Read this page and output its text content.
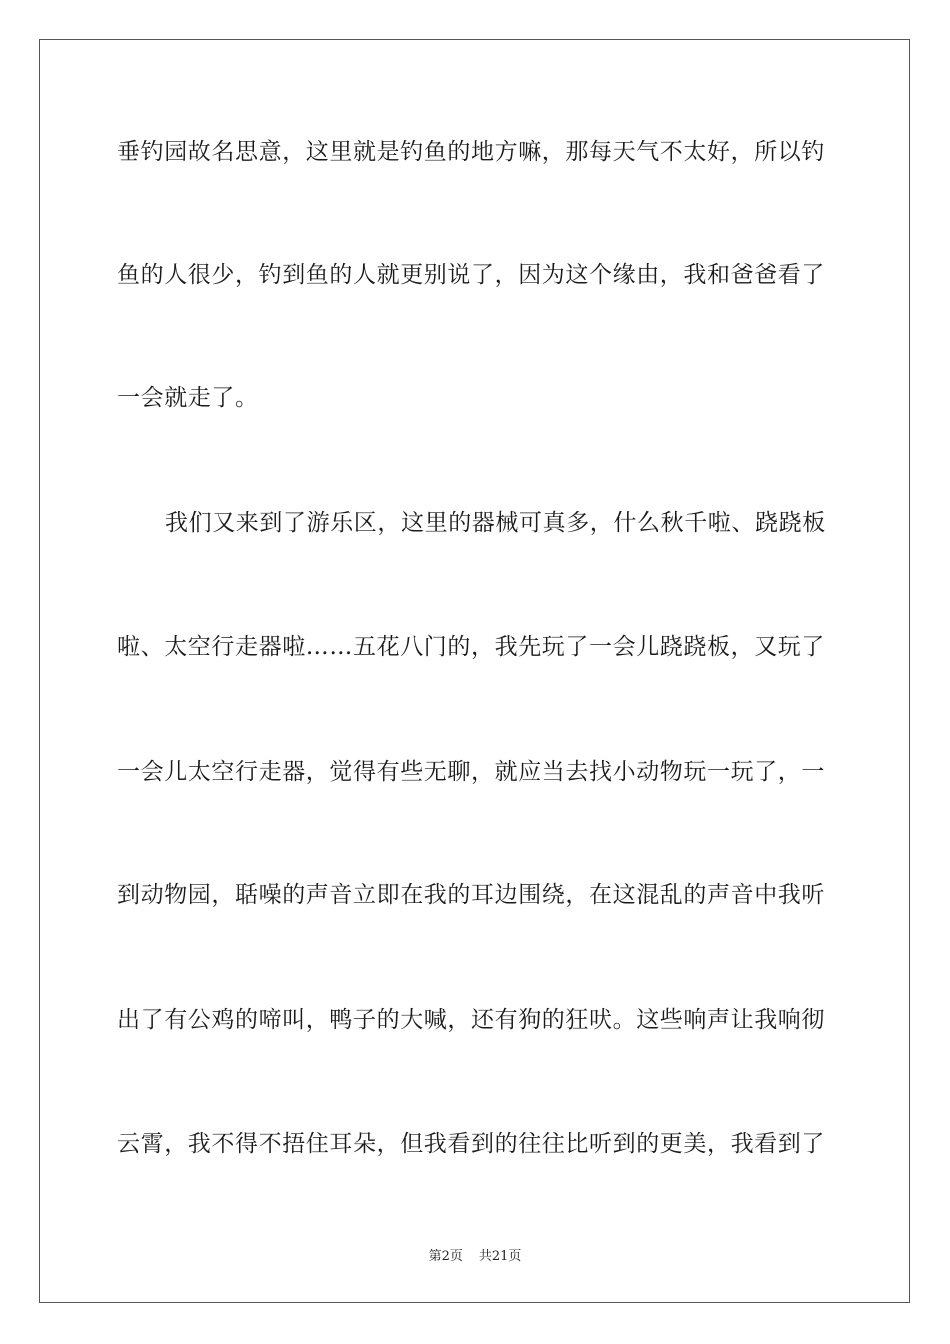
垂钓园故名思意，这里就是钓鱼的地方嘛，那每天气不太好，所以钓
鱼的人很少，钓到鱼的人就更别说了，因为这个缘由，我和爸爸看了
一会就走了。
我们又来到了游乐区，这里的器械可真多，什么秋千啦、跷跷板
啦、太空行走器啦……五花八门的，我先玩了一会儿跷跷板，又玩了
一会儿太空行走器，觉得有些无聊，就应当去找小动物玩一玩了，一
到动物园，聒噪的声音立即在我的耳边围绕，在这混乱的声音中我听
出了有公鸡的啼叫，鸭子的大喊，还有狗的狂吠。这些响声让我响彻
云霄，我不得不捂住耳朵，但我看到的往往比听到的更美，我看到了
第2页 共21页
